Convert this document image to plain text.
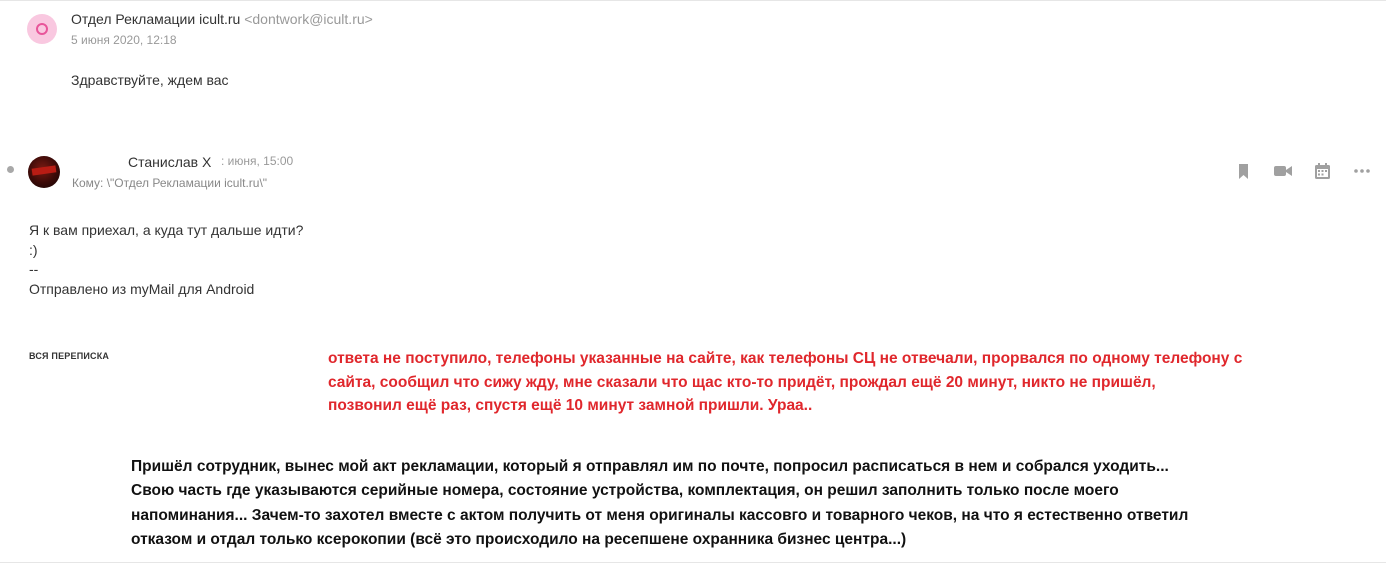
Отдел Рекламации icult.ru <dontwork@icult.ru>
5 июня 2020, 12:18
Здравствуйте, ждем вас
Станислав Х : июня, 15:00
Кому: \"Отдел Рекламации icult.ru\"
Я к вам приехал, а куда тут дальше идти?
:)
--
Отправлено из myMail для Android
ВСЯ ПЕРЕПИСКА	ответа не поступило, телефоны указанные на сайте, как телефоны СЦ не отвечали, прорвался по одному телефону с
сайта, сообщил что сижу жду, мне сказали что щас кто-то придёт, прождал ещё 20 минут, никто не пришёл,
позвонил ещё раз, спустя ещё 10 минут замной пришли. Ураа..
Пришёл сотрудник, вынес мой акт рекламации, который я отправлял им по почте, попросил расписаться в нем и собрался уходить...
Свою часть где указываются серийные номера, состояние устройства, комплектация, он решил заполнить только после моего
напоминания... Зачем-то захотел вместе с актом получить от меня оригиналы кассовго и товарного чеков, на что я естественно ответил
отказом и отдал только ксерокопии (всё это происходило на ресепшене охранника бизнес центра...)
